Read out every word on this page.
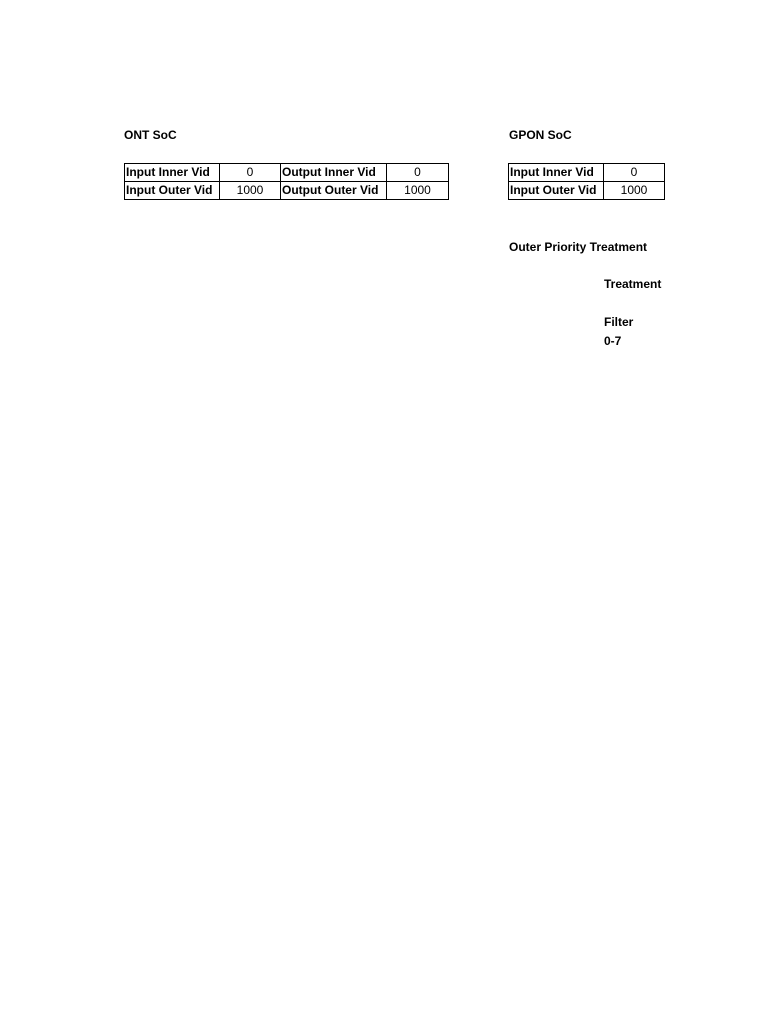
ONT SoC
Input Inner Vid	0	Output Inner Vid	0
Input Outer Vid	1000	Output Outer Vid	1000
GPON SoC
Input Inner Vid	0
Input Outer Vid	1000
Outer Priority Treatment
Treatment
Filter
0-7
